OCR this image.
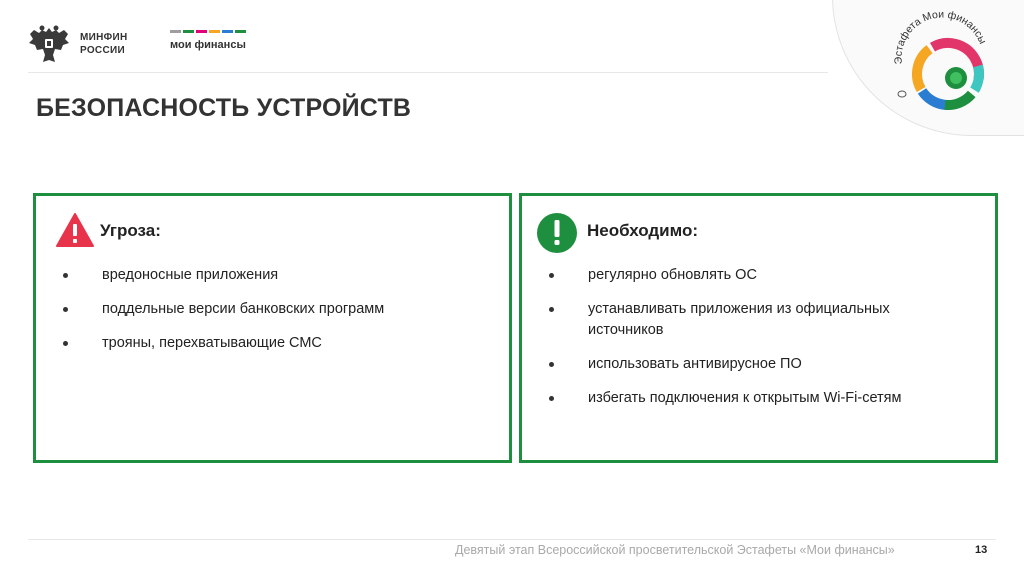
МИНФИН
РОССИИ	мои финансы
Эстафета Мои финансы
БЕЗОПАСНОСТЬ УСТРОЙСТВ
Угроза:
вредоносные приложения
поддельные версии банковских программ
трояны, перехватывающие СМС
Необходимо:
регулярно обновлять ОС
устанавливать приложения из официальных источников
использовать антивирусное ПО
избегать подключения к открытым Wi-Fi-сетям
Девятый этап Всероссийской просветительской Эстафеты «Мои финансы»	13
